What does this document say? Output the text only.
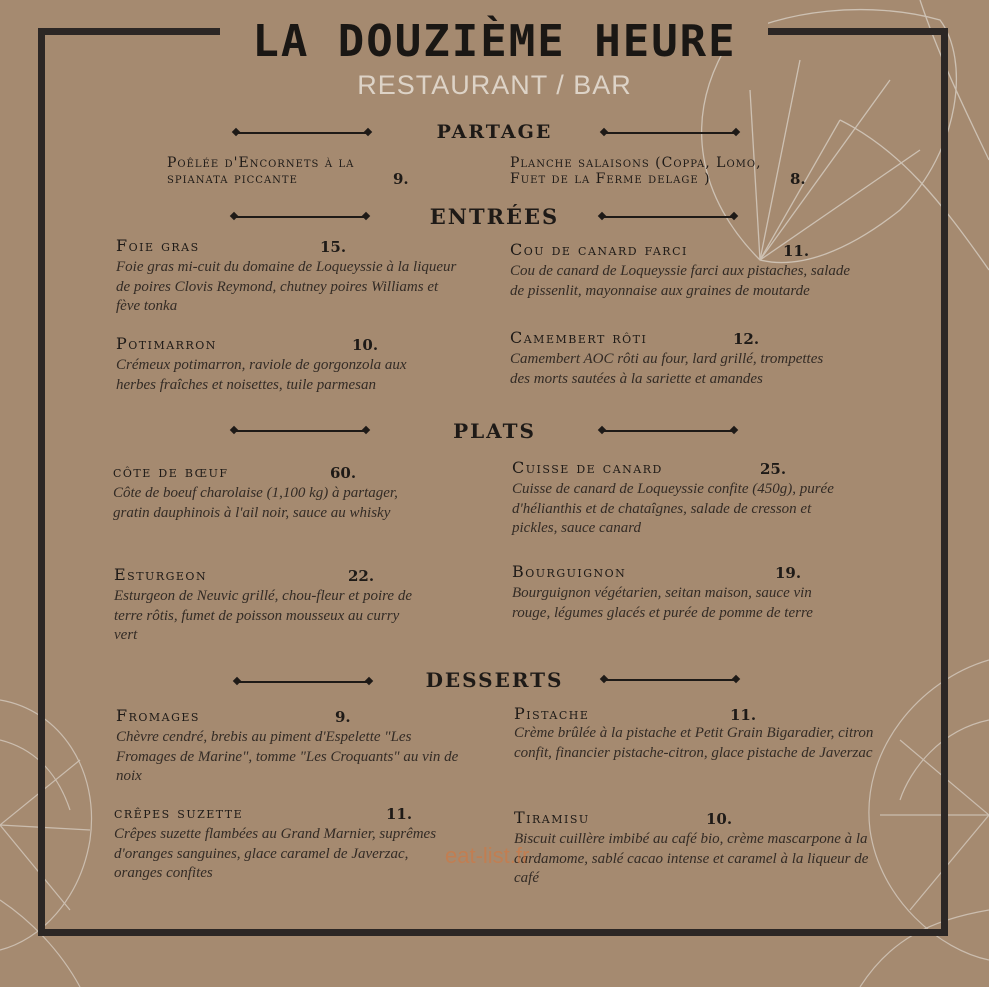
LA DOUZIÈME HEURE
RESTAURANT / BAR
PARTAGE
Poêlée d'Encornets à la
spianata piccante	9.
Planche salaisons (Coppa, Lomo,
Fuet de la Ferme delage )	8.
ENTRÉES
Foie gras
Foie gras mi-cuit du domaine de Loqueyssie à la liqueur de poires Clovis Reymond, chutney poires Williams et fève tonka
15.	Cou de canard farci
Cou de canard de Loqueyssie farci aux pistaches, salade de pissenlit, mayonnaise aux graines de moutarde
11.
Potimarron
Crémeux potimarron, raviole de gorgonzola aux herbes fraîches et noisettes, tuile parmesan
10.	Camembert rôti
Camembert AOC rôti au four, lard grillé, trompettes des morts sautées à la sariette et amandes
12.
PLATS
côte de bœuf
Côte de boeuf charolaise (1,100 kg) à partager, gratin dauphinois à l'ail noir, sauce au whisky
60.	Cuisse de canard
Cuisse de canard de Loqueyssie confite (450g), purée d'hélianthis et de chataîgnes, salade de cresson et pickles, sauce canard
25.
Esturgeon
Esturgeon de Neuvic grillé, chou-fleur et poire de terre rôtis, fumet de poisson mousseux au curry vert
22.	Bourguignon
Bourguignon végétarien, seitan maison, sauce vin rouge, légumes glacés et purée de pomme de terre
19.
DESSERTS
Fromages
Chèvre cendré, brebis au piment d'Espelette "Les Fromages de Marine", tomme "Les Croquants" au vin de noix
9.	Pistache
Crème brûlée à la pistache et Petit Grain Bigaradier, citron confit, financier pistache-citron, glace pistache de Javerzac
11.
crêpes suzette
Crêpes suzette flambées au Grand Marnier, suprêmes d'oranges sanguines, glace caramel de Javerzac, oranges confites
11.	Tiramisu
Biscuit cuillère imbibé au café bio, crème mascarpone à la cardamome, sablé cacao intense et caramel à la liqueur de café
10.
eat-list.fr
